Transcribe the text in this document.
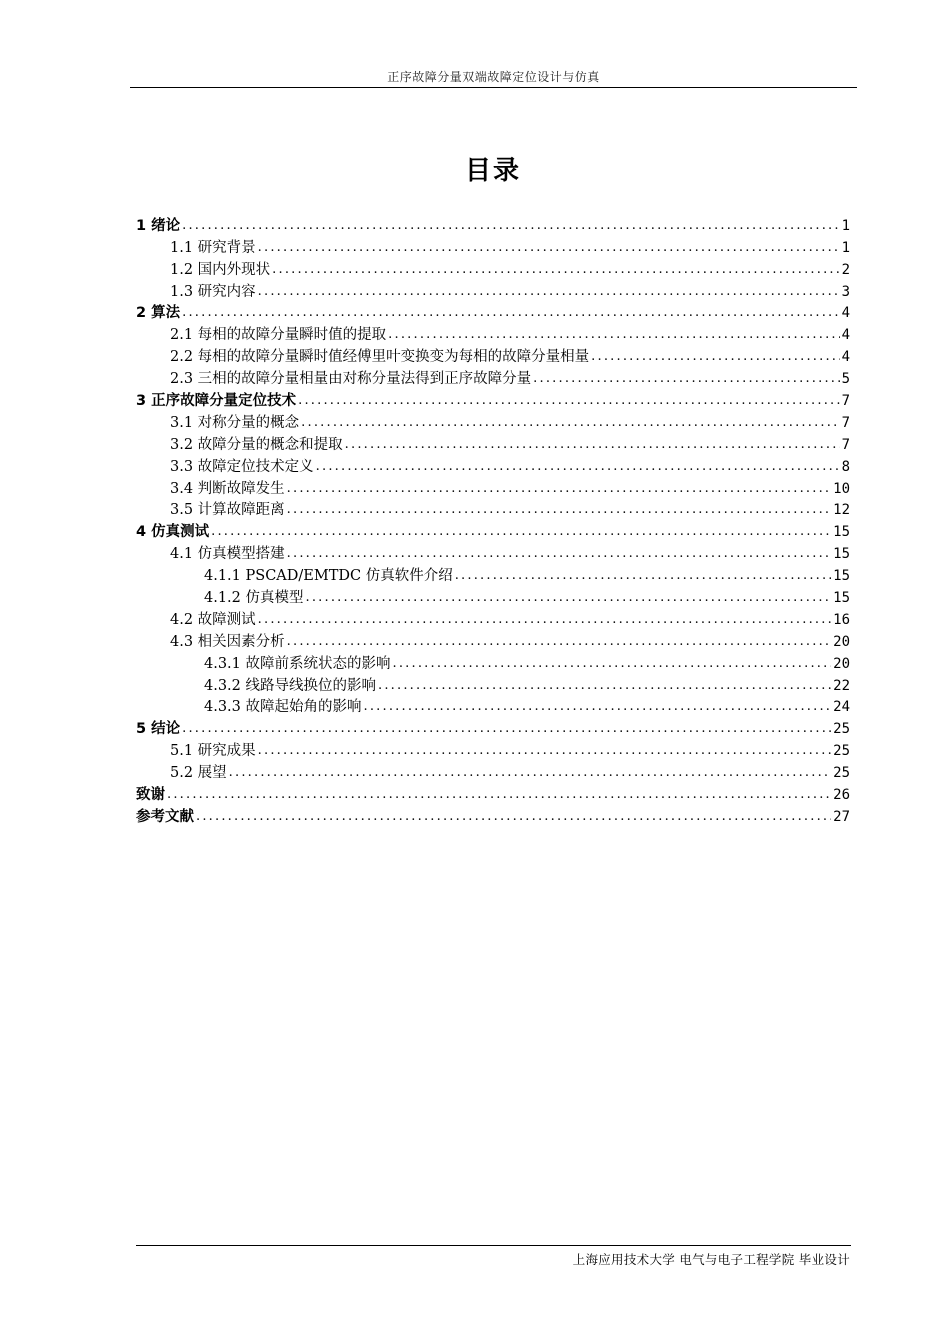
正序故障分量双端故障定位设计与仿真
目录
1 绪论 .....	1
1.1 研究背景 .....	1
1.2 国内外现状 .....	2
1.3 研究内容 .....	3
2 算法 .....	4
2.1 每相的故障分量瞬时值的提取 .....	4
2.2 每相的故障分量瞬时值经傅里叶变换变为每相的故障分量相量 .....	4
2.3 三相的故障分量相量由对称分量法得到正序故障分量 .....	5
3 正序故障分量定位技术 .....	7
3.1 对称分量的概念 .....	7
3.2 故障分量的概念和提取 .....	7
3.3 故障定位技术定义 .....	8
3.4 判断故障发生 .....	10
3.5 计算故障距离 .....	12
4 仿真测试 .....	15
4.1 仿真模型搭建 .....	15
4.1.1 PSCAD/EMTDC 仿真软件介绍 .....	15
4.1.2 仿真模型 .....	15
4.2 故障测试 .....	16
4.3 相关因素分析 .....	20
4.3.1 故障前系统状态的影响 .....	20
4.3.2 线路导线换位的影响 .....	22
4.3.3 故障起始角的影响 .....	24
5 结论 .....	25
5.1 研究成果 .....	25
5.2 展望 .....	25
致谢 .....	26
参考文献 .....	27
上海应用技术大学 电气与电子工程学院 毕业设计
